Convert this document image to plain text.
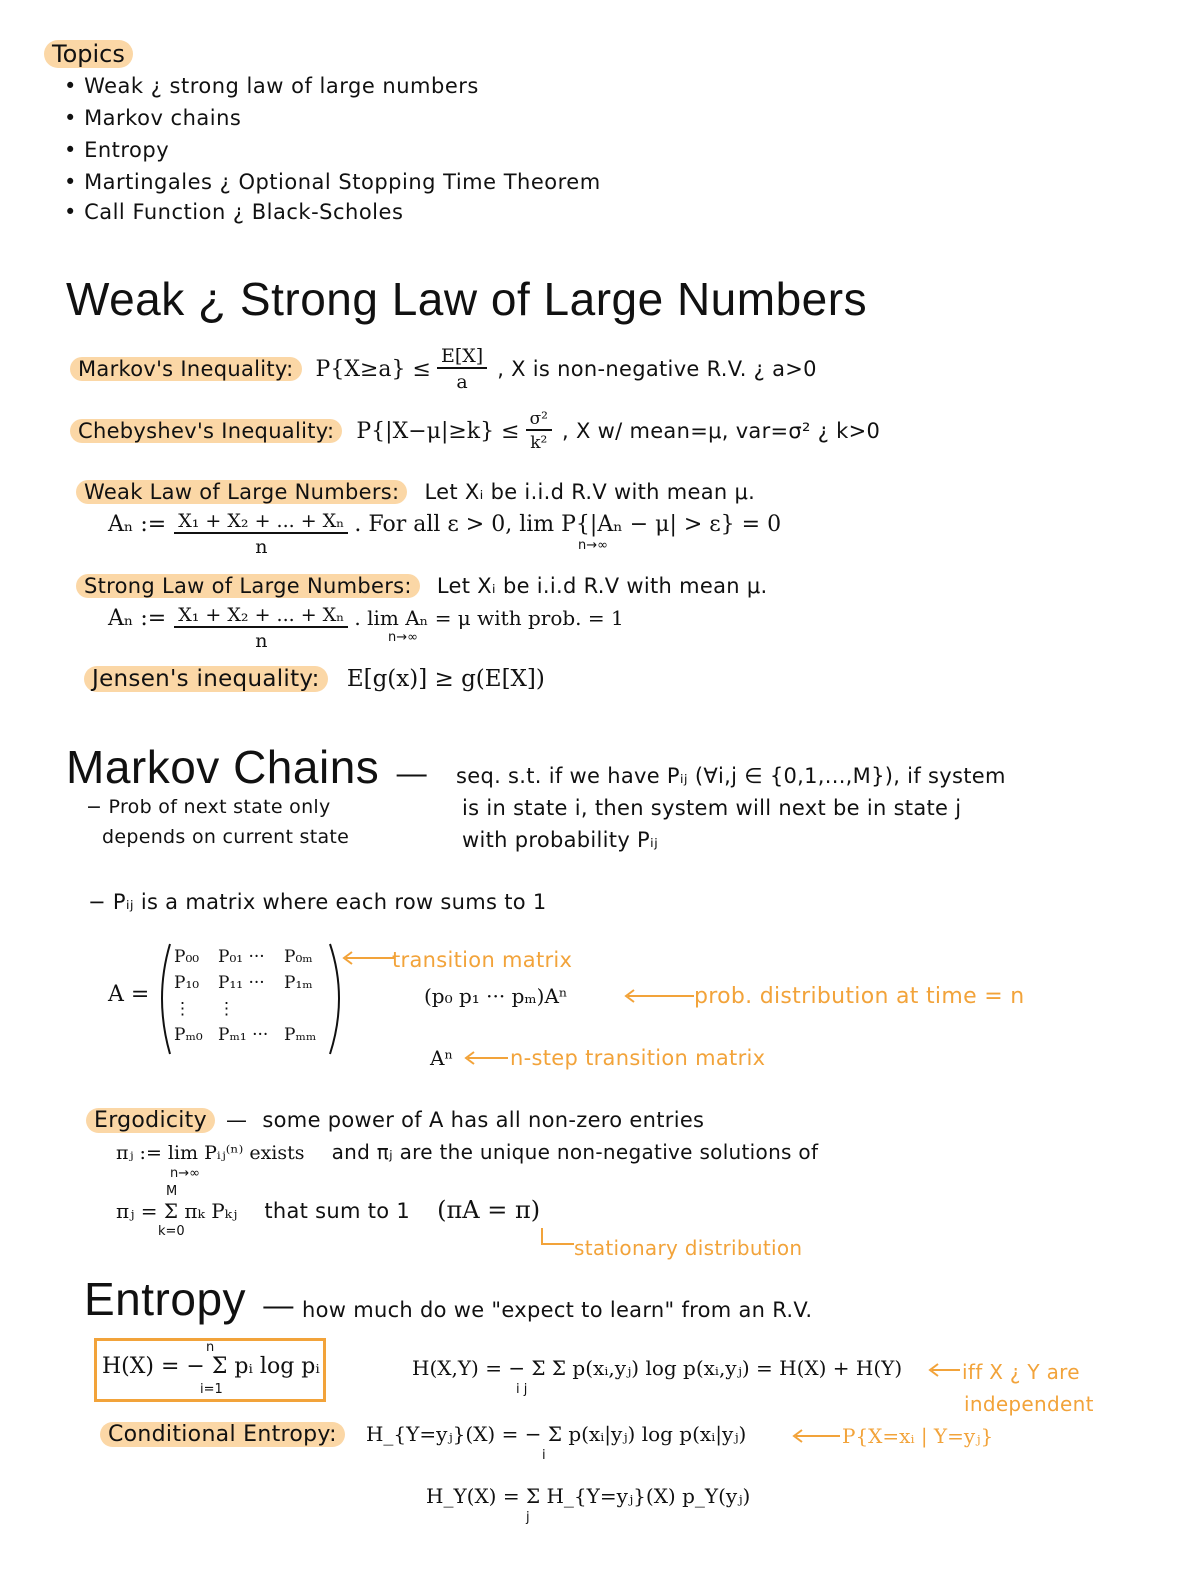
Topics
• Weak ¿ strong law of large numbers
• Markov chains
• Entropy
• Martingales ¿ Optional Stopping Time Theorem
• Call Function ¿ Black-Scholes
Weak ¿ Strong Law of Large Numbers
Markov's Inequality:	$P\{X\ge a\} \le \frac{E[X]}{a}$ , X is non-negative R.V. ¿ a>0
Chebyshev's Inequality:	$P\{|X-\mu|\ge k\} \le \frac{\text{σ²}}{\text{k²}}$ , X w/ mean=μ, var=σ² ¿ k>0
Weak Law of Large Numbers: Let Xᵢ be i.i.d R.V with mean μ.
Aₙ := $\frac{\text{X₁ + X₂ + ... + Xₙ}}{n}$ . For all ε > 0, lim P{|Aₙ − μ| > ε} = 0
n→∞
Strong Law of Large Numbers: Let Xᵢ be i.i.d R.V with mean μ.
Aₙ := $\frac{\text{X₁ + X₂ + ... + Xₙ}}{n}$ . lim Aₙ = μ with prob. = 1
n→∞
Jensen's inequality: E[g(x)] ≥ g(E[X])
Markov Chains — seq. s.t. if we have Pᵢⱼ (∀i,j ∈ {0,1,...,M}), if system
is in state i, then system will next be in state j
with probability Pᵢⱼ
− Prob of next state only
depends on current state
− Pᵢⱼ is a matrix where each row sums to 1
A =
P₀₀ P₀₁ ··· P₀ₘ
P₁₀ P₁₁ ··· P₁ₘ
⋮ ⋮
Pₘ₀ Pₘ₁ ··· Pₘₘ
transition matrix
(p₀ p₁ ··· pₘ)Aⁿ	prob. distribution at time = n
Aⁿ	n-step transition matrix
Ergodicity — some power of A has all non-zero entries
πⱼ := lim Pᵢⱼ⁽ⁿ⁾ exists and πⱼ are the unique non-negative solutions of
n→∞
M
πⱼ = Σ πₖ Pₖⱼ that sum to 1 (πA = π)
k=0
stationary distribution
Entropy — how much do we "expect to learn" from an R.V.
n
H(X) = − Σ pᵢ log pᵢ
i=1
H(X,Y) = − Σ Σ p(xᵢ,yⱼ) log p(xᵢ,yⱼ) = H(X) + H(Y)
i j
iff X ¿ Y are
independent
Conditional Entropy: H_{Y=yⱼ}(X) = − Σ p(xᵢ|yⱼ) log p(xᵢ|yⱼ)
i
P{X=xᵢ | Y=yⱼ}
H_Y(X) = Σ H_{Y=yⱼ}(X) p_Y(yⱼ)
j
